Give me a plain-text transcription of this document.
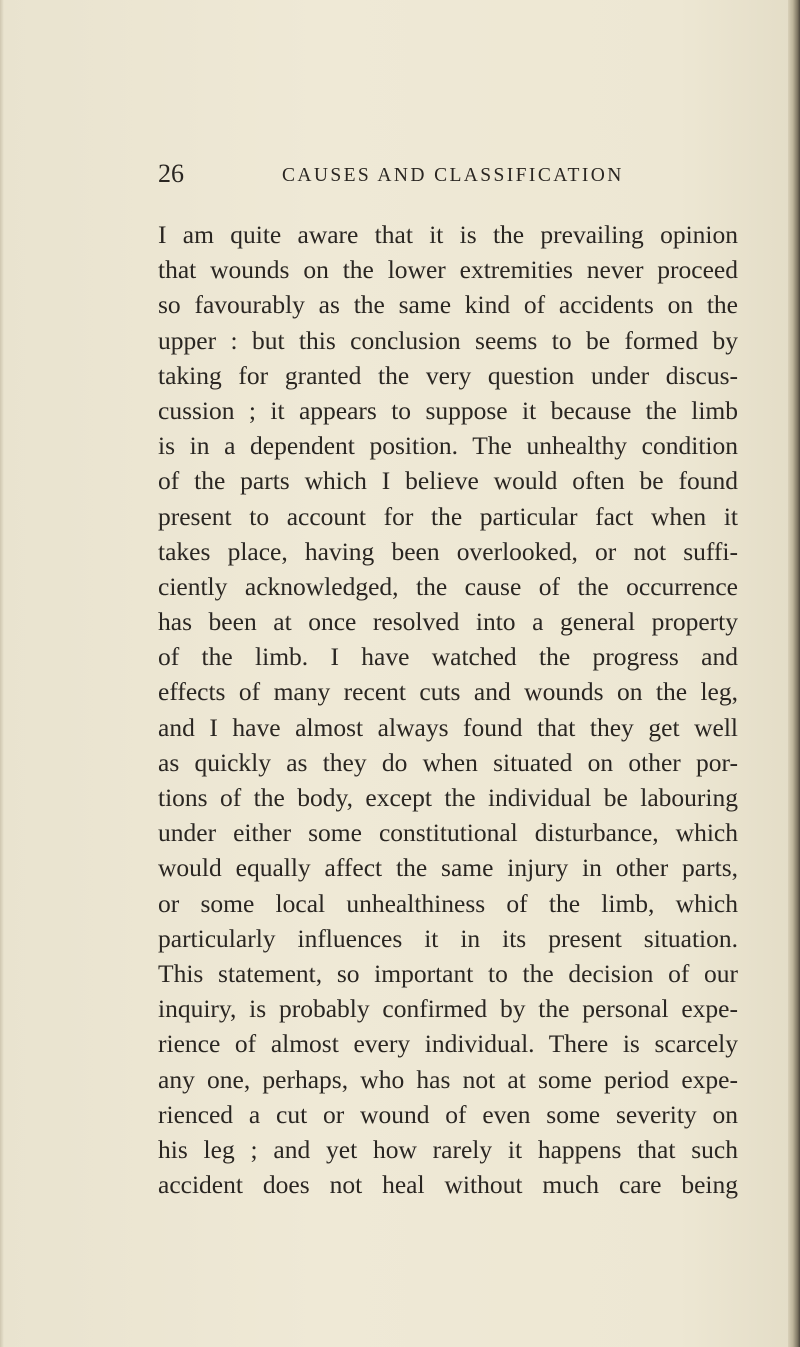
26	CAUSES AND CLASSIFICATION
I am quite aware that it is the prevailing opinion
that wounds on the lower extremities never proceed
so favourably as the same kind of accidents on the
upper : but this conclusion seems to be formed by
taking for granted the very question under discus-
cussion ; it appears to suppose it because the limb
is in a dependent position. The unhealthy condition
of the parts which I believe would often be found
present to account for the particular fact when it
takes place, having been overlooked, or not suffi-
ciently acknowledged, the cause of the occurrence
has been at once resolved into a general property
of the limb. I have watched the progress and
effects of many recent cuts and wounds on the leg,
and I have almost always found that they get well
as quickly as they do when situated on other por-
tions of the body, except the individual be labouring
under either some constitutional disturbance, which
would equally affect the same injury in other parts,
or some local unhealthiness of the limb, which
particularly influences it in its present situation.
This statement, so important to the decision of our
inquiry, is probably confirmed by the personal expe-
rience of almost every individual. There is scarcely
any one, perhaps, who has not at some period expe-
rienced a cut or wound of even some severity on
his leg ; and yet how rarely it happens that such
accident does not heal without much care being
